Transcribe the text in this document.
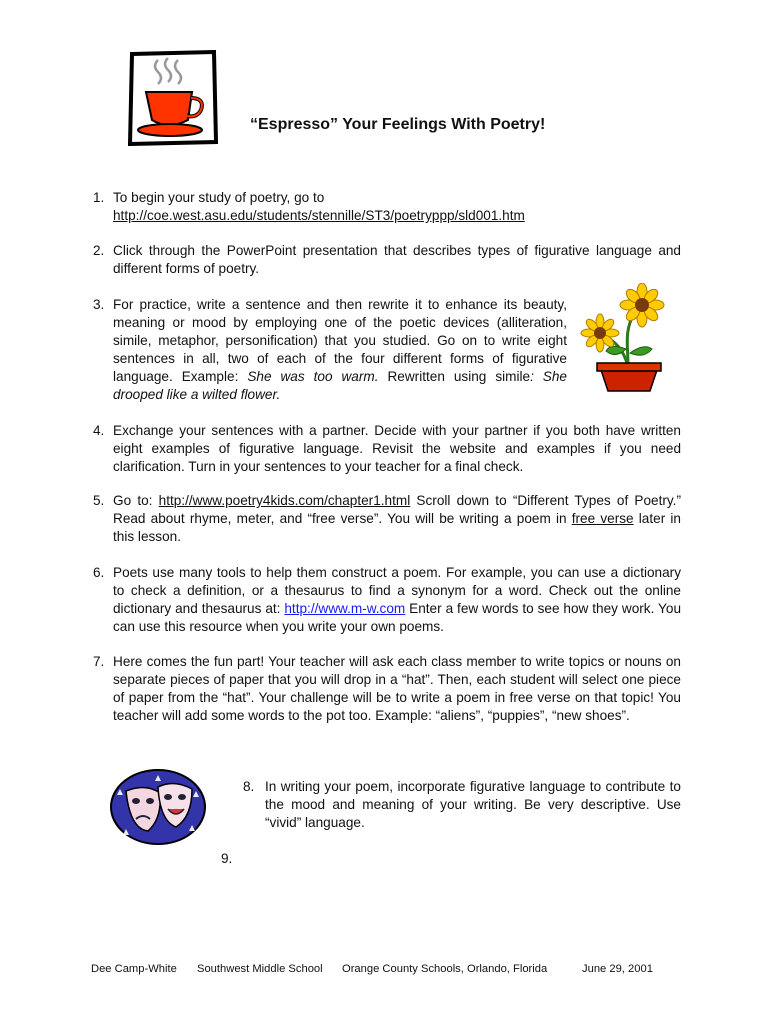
“Espresso” Your Feelings With Poetry!
1. To begin your study of poetry, go to
http://coe.west.asu.edu/students/stennille/ST3/poetryppp/sld001.htm
2. Click through the PowerPoint presentation that describes types of figurative language and different forms of poetry.
3. For practice, write a sentence and then rewrite it to enhance its beauty, meaning or mood by employing one of the poetic devices (alliteration, simile, metaphor, personification) that you studied. Go on to write eight sentences in all, two of each of the four different forms of figurative language. Example: She was too warm. Rewritten using simile: She drooped like a wilted flower.
4. Exchange your sentences with a partner. Decide with your partner if you both have written eight examples of figurative language. Revisit the website and examples if you need clarification. Turn in your sentences to your teacher for a final check.
5. Go to: http://www.poetry4kids.com/chapter1.html Scroll down to “Different Types of Poetry.” Read about rhyme, meter, and “free verse”. You will be writing a poem in free verse later in this lesson.
6. Poets use many tools to help them construct a poem. For example, you can use a dictionary to check a definition, or a thesaurus to find a synonym for a word. Check out the online dictionary and thesaurus at: http://www.m-w.com Enter a few words to see how they work. You can use this resource when you write your own poems.
7. Here comes the fun part! Your teacher will ask each class member to write topics or nouns on separate pieces of paper that you will drop in a “hat”. Then, each student will select one piece of paper from the “hat”. Your challenge will be to write a poem in free verse on that topic! You teacher will add some words to the pot too. Example: “aliens”, “puppies”, “new shoes”.
8. In writing your poem, incorporate figurative language to contribute to the mood and meaning of your writing. Be very descriptive. Use “vivid” language.
9.
Dee Camp-White Southwest Middle School Orange County Schools, Orlando, Florida	June 29, 2001
